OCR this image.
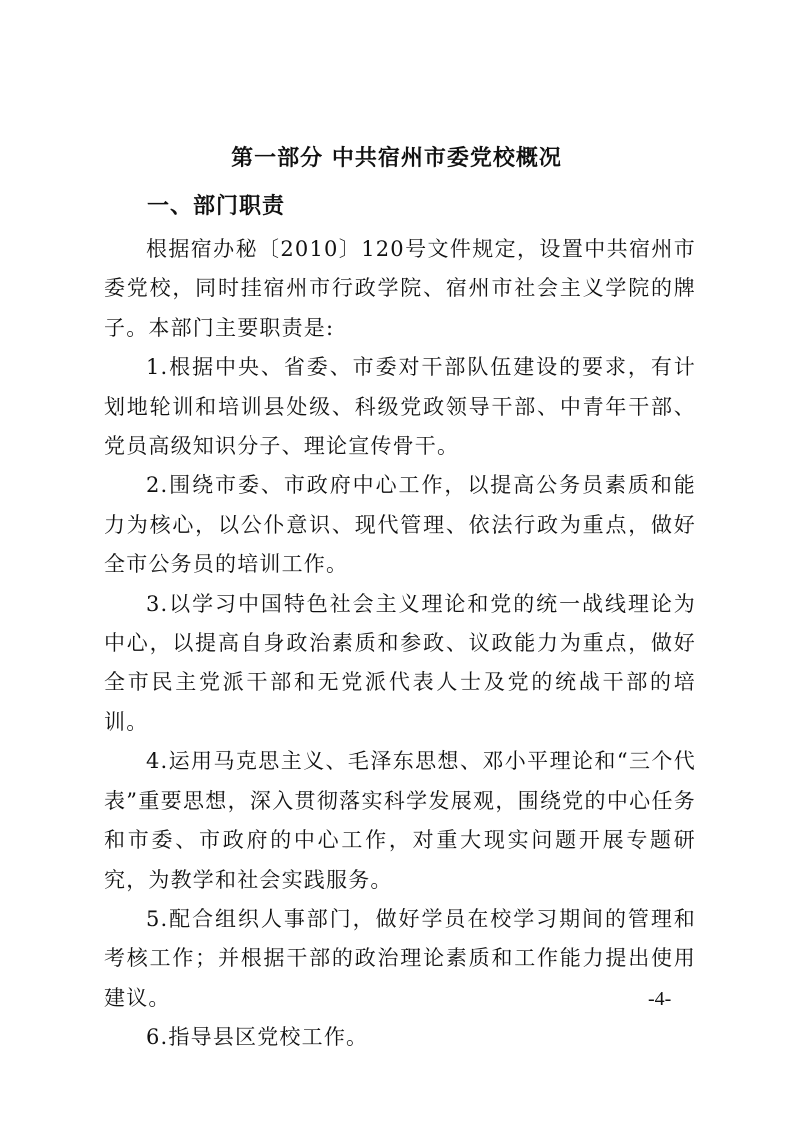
第一部分 中共宿州市委党校概况
一、部门职责

根据宿办秘〔2010〕120号文件规定，设置中共宿州市委党校，同时挂宿州市行政学院、宿州市社会主义学院的牌子。本部门主要职责是:

1.根据中央、省委、市委对干部队伍建设的要求，有计划地轮训和培训县处级、科级党政领导干部、中青年干部、党员高级知识分子、理论宣传骨干。

2.围绕市委、市政府中心工作，以提高公务员素质和能力为核心，以公仆意识、现代管理、依法行政为重点，做好全市公务员的培训工作。

3.以学习中国特色社会主义理论和党的统一战线理论为中心，以提高自身政治素质和参政、议政能力为重点，做好全市民主党派干部和无党派代表人士及党的统战干部的培训。

4.运用马克思主义、毛泽东思想、邓小平理论和“三个代表”重要思想，深入贯彻落实科学发展观，围绕党的中心任务和市委、市政府的中心工作，对重大现实问题开展专题研究，为教学和社会实践服务。

5.配合组织人事部门，做好学员在校学习期间的管理和考核工作；并根据干部的政治理论素质和工作能力提出使用建议。

6.指导县区党校工作。

-4-
